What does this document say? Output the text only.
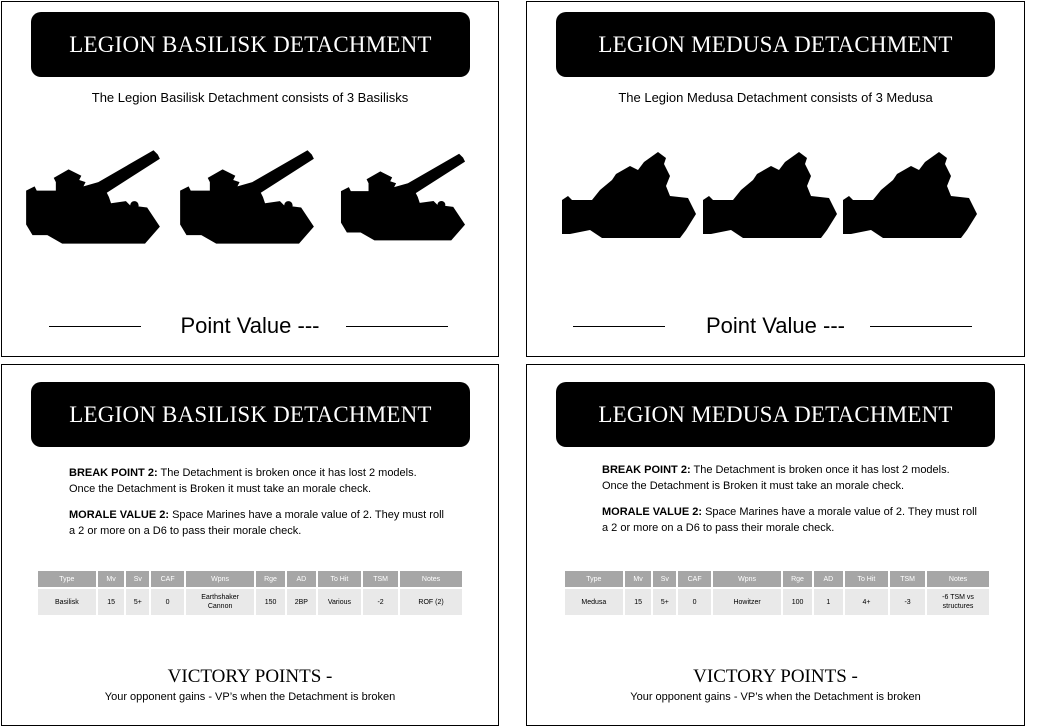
LEGION BASILISK DETACHMENT
The Legion Basilisk Detachment consists of 3 Basilisks
Point Value ---
LEGION MEDUSA DETACHMENT
The Legion Medusa Detachment consists of 3 Medusa
Point Value ---
LEGION BASILISK DETACHMENT

BREAK POINT 2: The Detachment is broken once it has lost 2 models. Once the Detachment is Broken it must take an morale check.

MORALE VALUE 2: Space Marines have a morale value of 2. They must roll a 2 or more on a D6 to pass their morale check.

Type	Mv	Sv	CAF	Wpns	Rge	AD	To Hit	TSM	Notes

Basilisk	15	5+	0	Earthshaker Cannon	150	2BP	Various	-2	ROF (2)
VICTORY POINTS -
Your opponent gains - VP’s when the Detachment is broken
LEGION MEDUSA DETACHMENT

BREAK POINT 2: The Detachment is broken once it has lost 2 models. Once the Detachment is Broken it must take an morale check.

MORALE VALUE 2: Space Marines have a morale value of 2. They must roll a 2 or more on a D6 to pass their morale check.

Type	Mv	Sv	CAF	Wpns	Rge	AD	To Hit	TSM	Notes

Medusa	15	5+	0	Howitzer	100	1	4+	-3	-6 TSM vs structures
VICTORY POINTS -
Your opponent gains - VP’s when the Detachment is broken
